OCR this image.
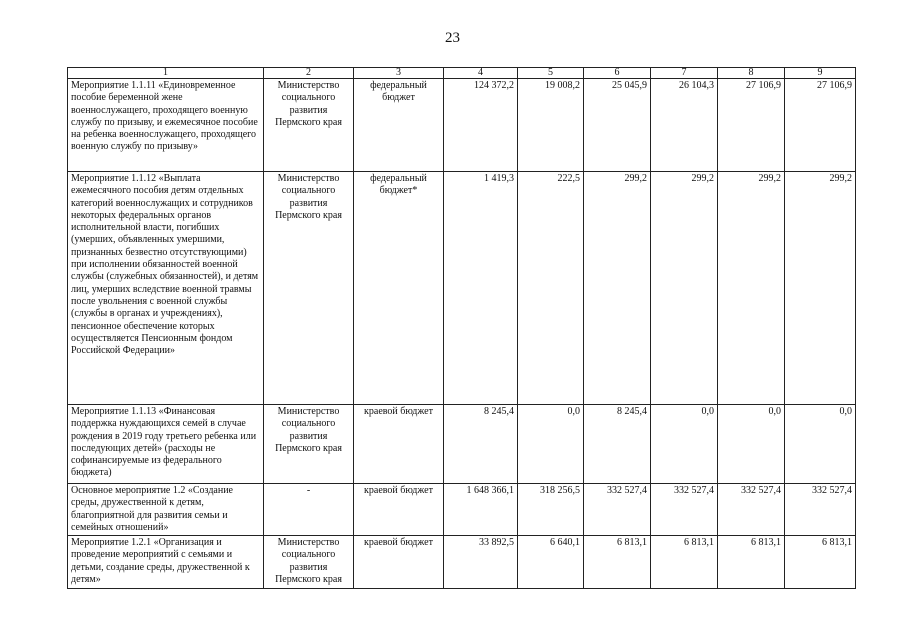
23
1	2	3	4	5	6	7	8	9
Мероприятие 1.1.11 «Единовременное пособие беременной жене военнослужащего, проходящего военную службу по призыву, и ежемесячное пособие на ребенка военнослужащего, проходящего военную службу по призыву»	Министерство социального развития Пермского края	федеральный бюджет	124 372,2	19 008,2	25 045,9	26 104,3	27 106,9	27 106,9
Мероприятие 1.1.12 «Выплата ежемесячного пособия детям отдельных категорий военнослужащих и сотрудников некоторых федеральных органов исполнительной власти, погибших (умерших, объявленных умершими, признанных безвестно отсутствующими) при исполнении обязанностей военной службы (служебных обязанностей), и детям лиц, умерших вследствие военной травмы после увольнения с военной службы (службы в органах и учреждениях), пенсионное обеспечение которых осуществляется Пенсионным фондом Российской Федерации»	Министерство социального развития Пермского края	федеральный бюджет*	1 419,3	222,5	299,2	299,2	299,2	299,2
Мероприятие 1.1.13 «Финансовая поддержка нуждающихся семей в случае рождения в 2019 году третьего ребенка или последующих детей» (расходы не софинансируемые из федерального бюджета)	Министерство социального развития Пермского края	краевой бюджет	8 245,4	0,0	8 245,4	0,0	0,0	0,0
Основное мероприятие 1.2 «Создание среды, дружественной к детям, благоприятной для развития семьи и семейных отношений»	-	краевой бюджет	1 648 366,1	318 256,5	332 527,4	332 527,4	332 527,4	332 527,4
Мероприятие 1.2.1 «Организация и проведение мероприятий с семьями и детьми, создание среды, дружественной к детям»	Министерство социального развития Пермского края	краевой бюджет	33 892,5	6 640,1	6 813,1	6 813,1	6 813,1	6 813,1
